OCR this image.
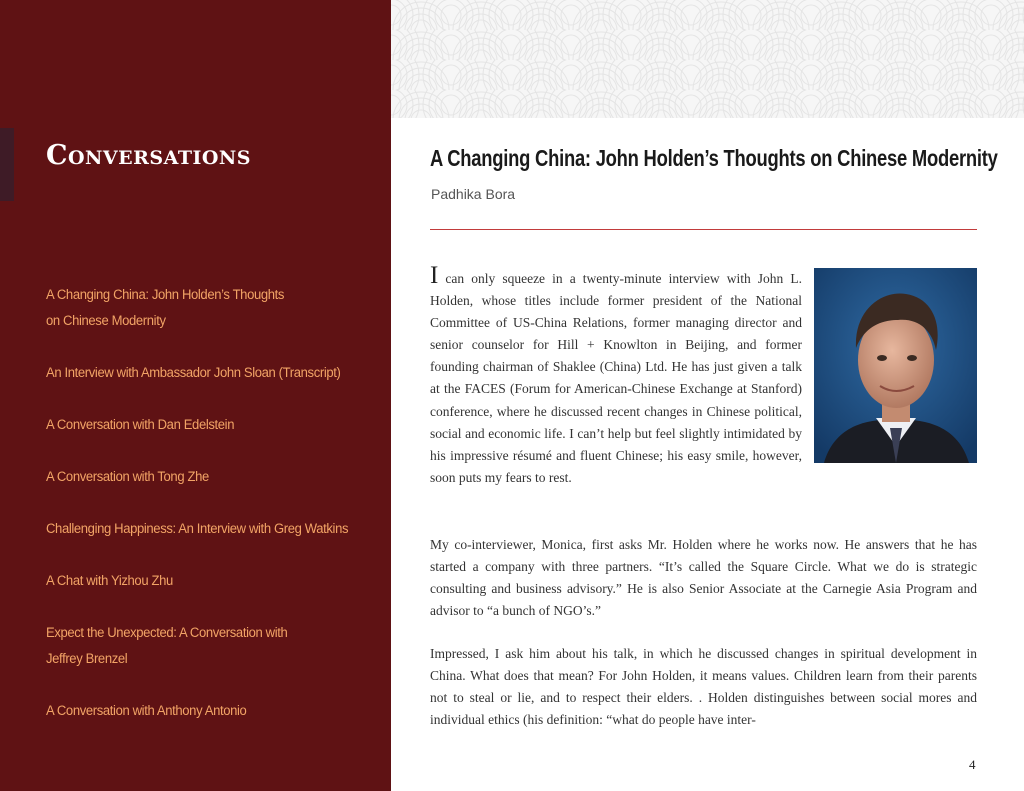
Conversations
A Changing China: John Holden’s Thoughts
on Chinese Modernity
An Interview with Ambassador John Sloan (Transcript)
A Conversation with Dan Edelstein
A Conversation with Tong Zhe
Challenging Happiness: An Interview with Greg Watkins
A Chat with Yizhou Zhu
Expect the Unexpected: A Conversation with
Jeffrey Brenzel
A Conversation with Anthony Antonio
A Changing China: John Holden’s Thoughts on Chinese Modernity
Padhika Bora

I can only squeeze in a twenty-minute interview with John L. Holden, whose titles include former president of the National Committee of US-China Relations, former managing director and senior counselor for Hill + Knowlton in Beijing, and former founding chairman of Shaklee (China) Ltd. He has just given a talk at the FACES (Forum for American-Chinese Exchange at Stanford) conference, where he discussed recent changes in Chinese political, social and economic life. I can’t help but feel slightly intimidated by his impressive résumé and fluent Chinese; his easy smile, however, soon puts my fears to rest.

My co-interviewer, Monica, first asks Mr. Holden where he works now. He answers that he has started a company with three partners. “It’s called the Square Circle. What we do is strategic consulting and business advisory.” He is also Senior Associate at the Carnegie Asia Program and advisor to “a bunch of NGO’s.”

Impressed, I ask him about his talk, in which he discussed changes in spiritual development in China. What does that mean? For John Holden, it means values. Children learn from their parents not to steal or lie, and to respect their elders. . Holden distinguishes between social mores and individual ethics (his definition: “what do people have inter-

4
